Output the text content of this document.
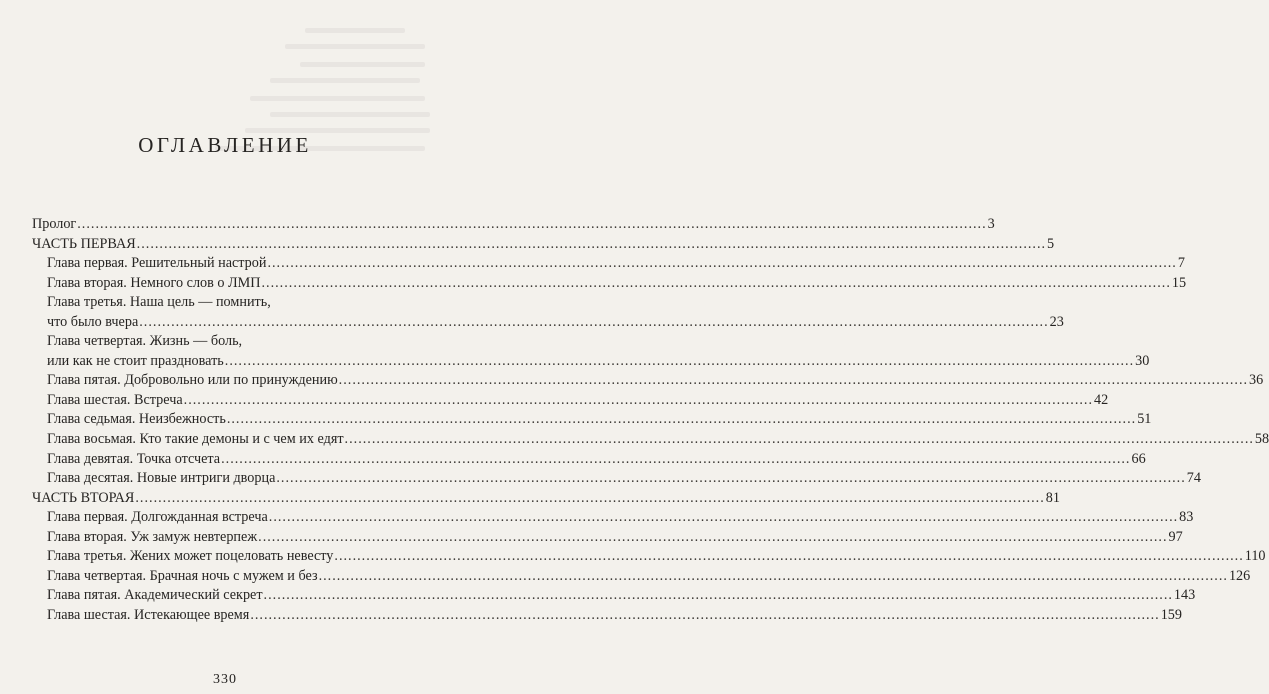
ОГЛАВЛЕНИЕ
Пролог ........................................................................................................................................................................................................ 3
ЧАСТЬ ПЕРВАЯ ........................................................................................................................................................................................................ 5
Глава первая. Решительный настрой ........................................................................................................................................................................................................ 7
Глава вторая. Немного слов о ЛМП ........................................................................................................................................................................................................ 15
Глава третья. Наша цель — помнить,
что было вчера ........................................................................................................................................................................................................ 23
Глава четвертая. Жизнь — боль,
или как не стоит праздновать ........................................................................................................................................................................................................ 30
Глава пятая. Добровольно или по принуждению ........................................................................................................................................................................................................ 36
Глава шестая. Встреча ........................................................................................................................................................................................................ 42
Глава седьмая. Неизбежность ........................................................................................................................................................................................................ 51
Глава восьмая. Кто такие демоны и с чем их едят ........................................................................................................................................................................................................ 58
Глава девятая. Точка отсчета ........................................................................................................................................................................................................ 66
Глава десятая. Новые интриги дворца ........................................................................................................................................................................................................ 74
ЧАСТЬ ВТОРАЯ ........................................................................................................................................................................................................ 81
Глава первая. Долгожданная встреча ........................................................................................................................................................................................................ 83
Глава вторая. Уж замуж невтерпеж ........................................................................................................................................................................................................ 97
Глава третья. Жених может поцеловать невесту ........................................................................................................................................................................................................ 110
Глава четвертая. Брачная ночь с мужем и без ........................................................................................................................................................................................................ 126
Глава пятая. Академический секрет ........................................................................................................................................................................................................ 143
Глава шестая. Истекающее время ........................................................................................................................................................................................................ 159
330
